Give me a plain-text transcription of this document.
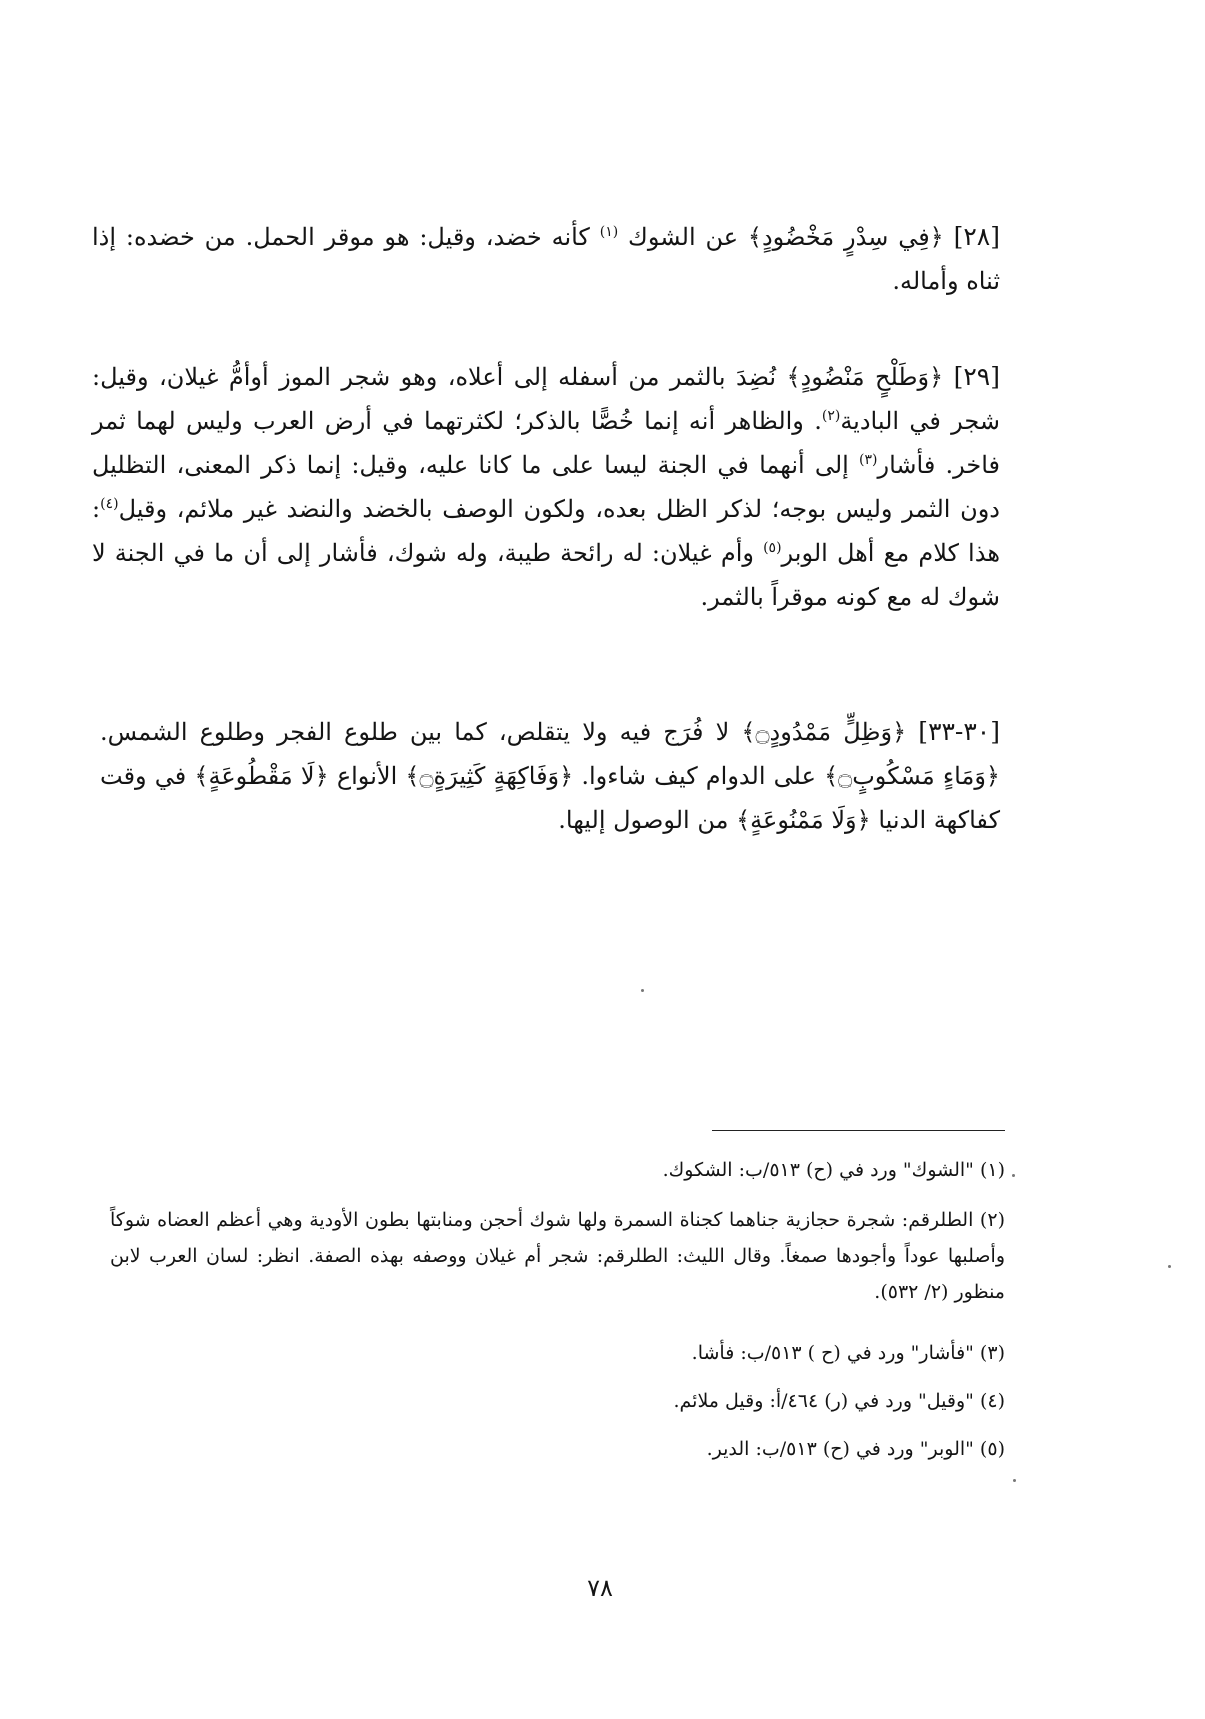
[٢٨] ﴿فِي سِدْرٍ مَخْضُودٍ﴾ عن الشوك $^{(١)}$ كأنه خضد، وقيل: هو موقر الحمل. من خضده: إذا ثناه وأماله.

[٢٩] ﴿وَطَلْحٍ مَنْضُودٍ﴾ نُضِدَ بالثمر من أسفله إلى أعلاه، وهو شجر الموز أوأمُّ غيلان، وقيل: شجر في البادية$^{(٢)}$. والظاهر أنه إنما خُصًّا بالذكر؛ لكثرتهما في أرض العرب وليس لهما ثمر فاخر. فأشار$^{(٣)}$ إلى أنهما في الجنة ليسا على ما كانا عليه، وقيل: إنما ذكر المعنى، التظليل دون الثمر وليس بوجه؛ لذكر الظل بعده، ولكون الوصف بالخضد والنضد غير ملائم، وقيل$^{(٤)}$: هذا كلام مع أهل الوبر$^{(٥)}$ وأم غيلان: له رائحة طيبة، وله شوك، فأشار إلى أن ما في الجنة لا شوك له مع كونه موقراً بالثمر.

[٣٠-٣٣] ﴿وَظِلٍّ مَمْدُودٍ۝﴾ لا فُرَج فيه ولا يتقلص، كما بين طلوع الفجر وطلوع الشمس. ﴿وَمَاءٍ مَسْكُوبٍ۝﴾ على الدوام كيف شاءوا. ﴿وَفَاكِهَةٍ كَثِيرَةٍ۝﴾ الأنواع ﴿لَا مَقْطُوعَةٍ﴾ في وقت كفاكهة الدنيا ﴿وَلَا مَمْنُوعَةٍ﴾ من الوصول إليها.

(١) "الشوك" ورد في (ح) ٥١٣/ب: الشكوك.

(٢) الطلرقم: شجرة حجازية جناهما كجناة السمرة ولها شوك أحجن ومنابتها بطون الأودية وهي أعظم العضاه شوكاً وأصلبها عوداً وأجودها صمغاً. وقال الليث: الطلرقم: شجر أم غيلان ووصفه بهذه الصفة. انظر: لسان العرب لابن منظور (٢/ ٥٣٢).

(٣) "فأشار" ورد في (ح ) ٥١٣/ب: فأشا.

(٤) "وقيل" ورد في (ر) ٤٦٤/أ: وقيل ملائم.

(٥) "الوبر" ورد في (ح) ٥١٣/ب: الدير.

٧٨
